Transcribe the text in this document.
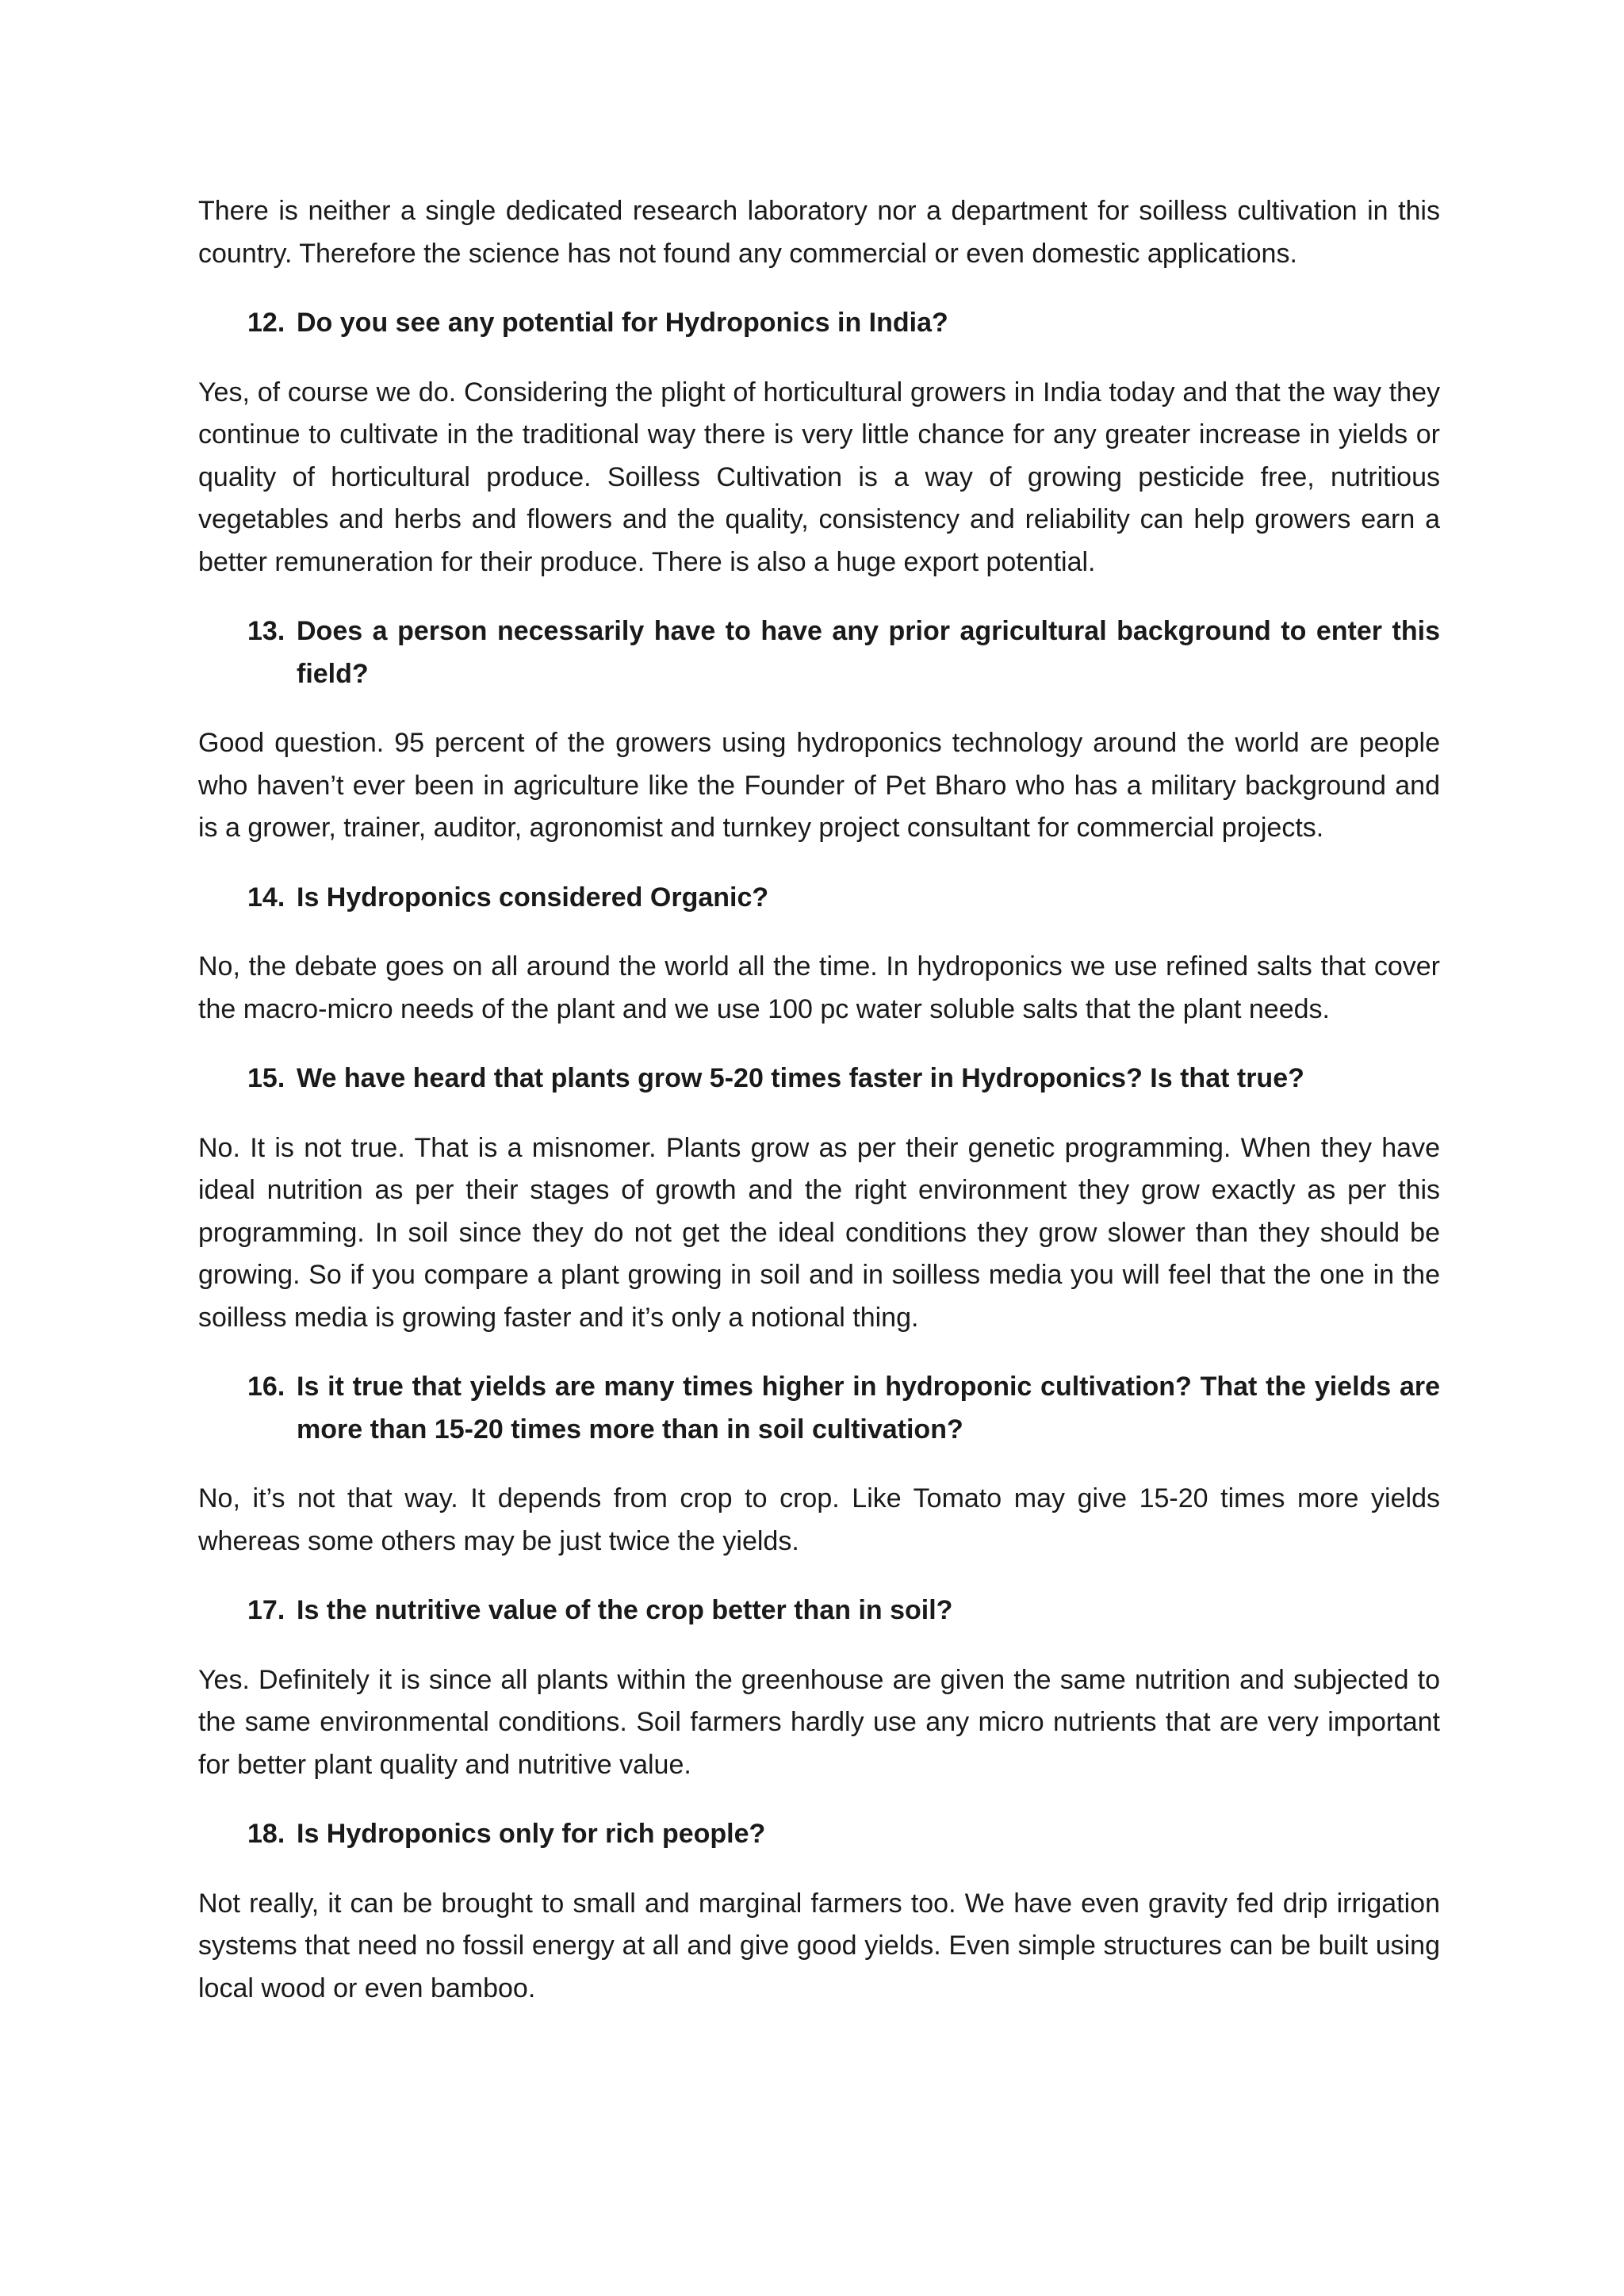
There is neither a single dedicated research laboratory nor a department for soilless cultivation in this country. Therefore the science has not found any commercial or even domestic applications.

12. Do you see any potential for Hydroponics in India?

Yes, of course we do. Considering the plight of horticultural growers in India today and that the way they continue to cultivate in the traditional way there is very little chance for any greater increase in yields or quality of horticultural produce. Soilless Cultivation is a way of growing pesticide free, nutritious vegetables and herbs and flowers and the quality, consistency and reliability can help growers earn a better remuneration for their produce. There is also a huge export potential.

13. Does a person necessarily have to have any prior agricultural background to enter this field?

Good question. 95 percent of the growers using hydroponics technology around the world are people who haven’t ever been in agriculture like the Founder of Pet Bharo who has a military background and is a grower, trainer, auditor, agronomist and turnkey project consultant for commercial projects.

14. Is Hydroponics considered Organic?

No, the debate goes on all around the world all the time. In hydroponics we use refined salts that cover the macro-micro needs of the plant and we use 100 pc water soluble salts that the plant needs.

15. We have heard that plants grow 5-20 times faster in Hydroponics? Is that true?

No. It is not true. That is a misnomer. Plants grow as per their genetic programming. When they have ideal nutrition as per their stages of growth and the right environment they grow exactly as per this programming. In soil since they do not get the ideal conditions they grow slower than they should be growing. So if you compare a plant growing in soil and in soilless media you will feel that the one in the soilless media is growing faster and it’s only a notional thing.

16. Is it true that yields are many times higher in hydroponic cultivation? That the yields are more than 15-20 times more than in soil cultivation?

No, it’s not that way. It depends from crop to crop. Like Tomato may give 15-20 times more yields whereas some others may be just twice the yields.

17. Is the nutritive value of the crop better than in soil?

Yes. Definitely it is since all plants within the greenhouse are given the same nutrition and subjected to the same environmental conditions. Soil farmers hardly use any micro nutrients that are very important for better plant quality and nutritive value.

18. Is Hydroponics only for rich people?

Not really, it can be brought to small and marginal farmers too. We have even gravity fed drip irrigation systems that need no fossil energy at all and give good yields. Even simple structures can be built using local wood or even bamboo.
